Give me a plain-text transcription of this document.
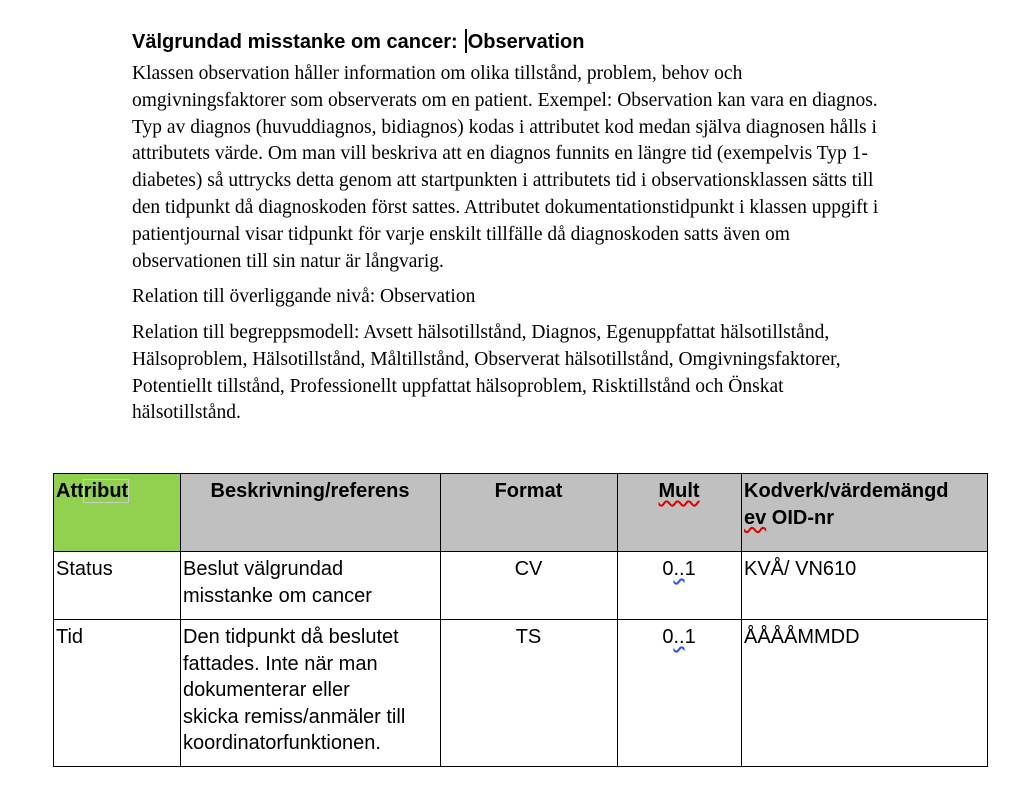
Välgrundad misstanke om cancer: Observation

Klassen observation håller information om olika tillstånd, problem, behov och
omgivningsfaktorer som observerats om en patient. Exempel: Observation kan vara en diagnos.
Typ av diagnos (huvuddiagnos, bidiagnos) kodas i attributet kod medan själva diagnosen hålls i
attributets värde. Om man vill beskriva att en diagnos funnits en längre tid (exempelvis Typ 1-
diabetes) så uttrycks detta genom att startpunkten i attributets tid i observationsklassen sätts till
den tidpunkt då diagnoskoden först sattes. Attributet dokumentationstidpunkt i klassen uppgift i
patientjournal visar tidpunkt för varje enskilt tillfälle då diagnoskoden satts även om
observationen till sin natur är långvarig.

Relation till överliggande nivå: Observation

Relation till begreppsmodell: Avsett hälsotillstånd, Diagnos, Egenuppfattat hälsotillstånd,
Hälsoproblem, Hälsotillstånd, Måltillstånd, Observerat hälsotillstånd, Omgivningsfaktorer,
Potentiellt tillstånd, Professionellt uppfattat hälsoproblem, Risktillstånd och Önskat
hälsotillstånd.

Attribut	Beskrivning/referens	Format	Mult	Kodverk/värdemängd
ev OID-nr
Status	Beslut välgrundad
misstanke om cancer	CV	0..1	KVÅ/ VN610
Tid	Den tidpunkt då beslutet
fattades. Inte när man
dokumenterar eller
skicka remiss/anmäler till
koordinatorfunktionen.	TS	0..1	ÅÅÅÅMMDD
